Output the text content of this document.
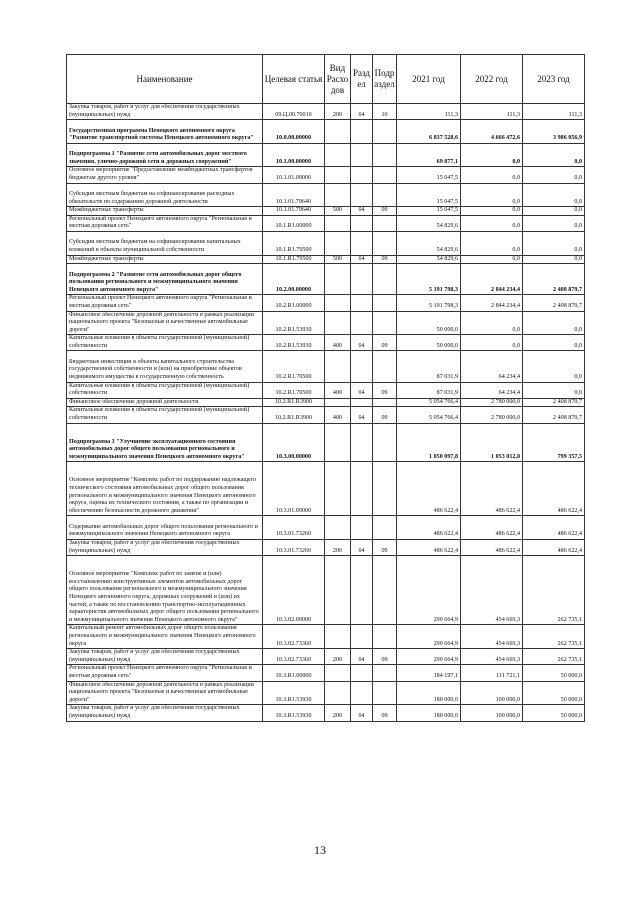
Наименование	Целевая статья	Вид Расхо дов	Разд ел	Подр аздел	2021 год	2022 год	2023 год
Закупка товаров, работ и услуг для обеспечения государственных (муниципальных) нужд	09.Ц.00.70010	200	04	10	111,3	111,3	111,3
Государственная программа Ненецкого автономного округа "Развитие транспортной системы Ненецкого автономного округа"	10.0.00.00000				6 837 528,6	4 666 472,6	3 986 056,9
Подпрограмма 1 "Развитие сети автомобильных дорог местного значения, улично-дорожной сети и дорожных сооружений"	10.1.00.00000				69 877,1	0,0	0,0
Основное мероприятие "Предоставление межбюджетных трансфертов бюджетам другого уровня"	10.1.01.00000				15 047,5	0,0	0,0
Субсидии местным бюджетам на софинансирование расходных обязательств по содержанию дорожной деятельности	10.1.01.79640				15 047,5	0,0	0,0
Межбюджетные трансферты	10.1.01.79640	500	04	09	15 047,5	0,0	0,0
Региональный проект Ненецкого автономного округа "Региональная и местная дорожная сеть"	10.1.R1.00000				54 829,6	0,0	0,0
Субсидии местным бюджетам на софинансирование капитальных вложений в объекты муниципальной собственности	10.1.R1.79500				54 829,6	0,0	0,0
Межбюджетные трансферты	10.1.R1.79500	500	04	09	54 829,6	0,0	0,0
Подпрограмма 2 "Развитие сети автомобильных дорог общего пользования регионального и межмуниципального значения Ненецкого автономного округа"	10.2.00.00000				5 191 798,3	2 844 234,4	2 408 879,7
Региональный проект Ненецкого автономного округа "Региональная и местная дорожная сеть"	10.2.R1.00000				5 191 798,3	2 844 234,4	2 408 879,7
Финансовое обеспечение дорожной деятельности в рамках реализации национального проекта "Безопасные и качественные автомобильные дороги"	10.2.R1.53930				50 000,0	0,0	0,0
Капитальные вложения в объекты государственной (муниципальной) собственности	10.2.R1.53930	400	04	09	50 000,0	0,0	0,0
Бюджетные инвестиции в объекты капитального строительства государственной собственности и (или) на приобретение объектов недвижимого имущества в государственную собственность	10.2.R1.70500				87 031,9	64 234,4	0,0
Капитальные вложения в объекты государственной (муниципальной) собственности	10.2.R1.70500	400	04	09	87 031,9	64 234,4	0,0
Финансовое обеспечение дорожной деятельности	10.2.R1.R3900				5 054 766,4	2 780 000,0	2 408 879,7
Капитальные вложения в объекты государственной (муниципальной) собственности	10.2.R1.R3900	400	04	09	5 054 766,4	2 780 000,0	2 408 879,7
Подпрограмма 3 "Улучшение эксплуатационного состояния автомобильных дорог общего пользования регионального и межмуниципального значения Ненецкого автономного округа"	10.3.00.00000				1 050 097,8	1 053 012,8	799 357,5
Основное мероприятие "Комплекс работ по поддержанию надлежащего технического состояния автомобильных дорог общего пользования регионального и межмуниципального значения Ненецкого автономного округа, оценка их технического состояния, а также по организации и обеспечению безопасности дорожного движения"	10.3.01.00000				486 622,4	486 622,4	486 622,4
Содержание автомобильных дорог общего пользования регионального и межмуниципального значения Ненецкого автономного округа	10.3.01.73260				486 622,4	486 622,4	486 622,4
Закупка товаров, работ и услуг для обеспечения государственных (муниципальных) нужд	10.3.01.73260	200	04	09	486 622,4	486 622,4	486 622,4
Основное мероприятие "Комплекс работ по замене и (или) восстановлению конструктивных элементов автомобильных дорог общего пользования регионального и межмуниципального значения Ненецкого автономного округа, дорожных сооружений и (или) их частей, а также по восстановлению транспортно-эксплуатационных характеристик автомобильных дорог общего пользования регионального и межмуниципального значения Ненецкого автономного округа"	10.3.02.00000				290 664,9	454 669,3	262 735,1
Капитальный ремонт автомобильных дорог общего пользования регионального и межмуниципального значения Ненецкого автономного округа	10.3.02.73360				290 664,9	454 669,3	262 735,1
Закупка товаров, работ и услуг для обеспечения государственных (муниципальных) нужд	10.3.02.73360	200	04	09	290 664,9	454 669,3	262 735,1
Региональный проект Ненецкого автономного округа "Региональная и местная дорожная сеть"	10.3.R1.00000				184 197,1	111 721,1	50 000,0
Финансовое обеспечение дорожной деятельности в рамках реализации национального проекта "Безопасные и качественные автомобильные дороги"	10.3.R1.53930				180 000,0	100 000,0	50 000,0
Закупка товаров, работ и услуг для обеспечения государственных (муниципальных) нужд	10.3.R1.53930	200	04	09	180 000,0	100 000,0	50 000,0
13
